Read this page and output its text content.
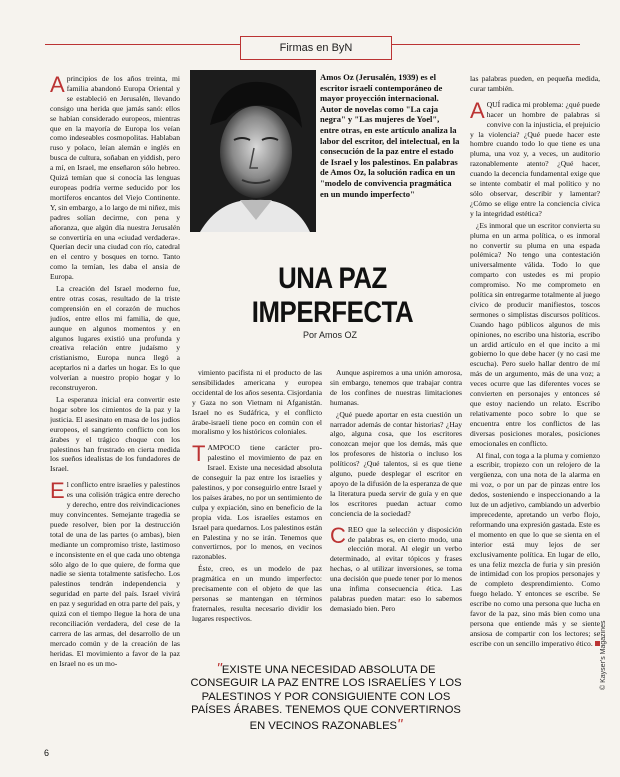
Firmas en ByN

Aprincipios de los años treinta, mi familia abandonó Europa Oriental y se estableció en Jerusalén, llevando consigo una herida que jamás sanó: ellos se habían considerado europeos, mientras que en la mayoría de Europa los veían como indeseables cosmopolitas. Hablaban ruso y polaco, leían alemán e inglés en busca de cultura, soñaban en yiddish, pero a mí, en Israel, me enseñaron sólo hebreo. Quizá temían que si conocía las lenguas europeas podría verme seducido por los mortíferos encantos del Viejo Continente. Y, sin embargo, a lo largo de mi niñez, mis padres solían decirme, con pena y añoranza, que algún día nuestra Jerusalén se convertiría en una «ciudad verdadera». Querían decir una ciudad con río, catedral en el centro y bosques en torno. Tanto como la temían, les daba el ansia de Europa.

La creación del Israel moderno fue, entre otras cosas, resultado de la triste comprensión en el corazón de muchos judíos, entre ellos mi familia, de que, aunque en algunos momentos y en algunos lugares existió una profunda y creativa relación entre judaísmo y cristianismo, Europa nunca llegó a aceptarlos ni a darles un hogar. Es lo que volverían a nuestro propio hogar y lo reconstruyeron.

La esperanza inicial era convertir este hogar sobre los cimientos de la paz y la justicia. El asesinato en masa de los judíos europeos, el sangriento conflicto con los árabes y el trágico choque con los palestinos han frustrado en cierta medida los sueños idealistas de los fundadores de Israel.

El conflicto entre israelíes y palestinos es una colisión trágica entre derecho y derecho, entre dos reivindicaciones muy convincentes. Semejante tragedia se puede resolver, bien por la destrucción total de una de las partes (o ambas), bien mediante un compromiso triste, lastimoso e inconsistente en el que cada uno obtenga sólo algo de lo que quiere, de forma que nadie se sienta totalmente satisfecho. Los palestinos tendrán independencia y seguridad en parte del país. Israel vivirá en paz y seguridad en otra parte del país, y quizá con el tiempo llegue la hora de una reconciliación verdadera, del cese de la carrera de las armas, del desarrollo de un mercado común y de la creación de las heridas. El movimiento a favor de la paz en Israel no es un mo-

Amos Oz (Jerusalén, 1939) es el escritor israelí contemporáneo de mayor proyección internacional. Autor de novelas como "La caja negra" y "Las mujeres de Yoel", entre otras, en este artículo analiza la labor del escritor, del intelectual, en la consecución de la paz entre el estado de Israel y los palestinos. En palabras de Amos Oz, la solución radica en un "modelo de convivencia pragmática en un mundo imperfecto"
UNA PAZ IMPERFECTA
Por Amos OZ

vimiento pacifista ni el producto de las sensibilidades americana y europea occidental de los años sesenta. Cisjordania y Gaza no son Vietnam ni Afganistán. Israel no es Sudáfrica, y el conflicto árabe-israelí tiene poco en común con el moralismo y los históricos coloniales.

TAMPOCO tiene carácter pro-palestino el movimiento de paz en Israel. Existe una necesidad absoluta de conseguir la paz entre los israelíes y palestinos, y por conseguirlo entre Israel y los países árabes, no por un sentimiento de culpa y expiación, sino en beneficio de la propia vida. Los israelíes estamos en Israel para quedarnos. Los palestinos están en Palestina y no se irán. Tenemos que convertirnos, por lo menos, en vecinos razonables.

Éste, creo, es un modelo de paz pragmática en un mundo imperfecto: precisamente con el objeto de que las personas se mantengan en términos fraternales, resulta necesario dividir los lugares respectivos.

Aunque aspiremos a una unión amorosa, sin embargo, tenemos que trabajar contra de los confines de nuestras limitaciones humanas.

¿Qué puede aportar en esta cuestión un narrador además de contar historias? ¿Hay algo, alguna cosa, que los escritores conozcan mejor que los demás, más que los profesores de historia o incluso los políticos? ¿Qué talentos, si es que tiene alguno, puede desplegar el escritor en apoyo de la difusión de la esperanza de que la literatura pueda servir de guía y en que los escritores puedan actuar como conciencia de la sociedad?

CREO que la selección y disposición de palabras es, en cierto modo, una elección moral. Al elegir un verbo determinado, al evitar tópicos y frases hechas, o al utilizar inversiones, se toma una decisión que puede tener por lo menos una ínfima consecuencia ética. Las palabras pueden matar: eso lo sabemos demasiado bien. Pero

"EXISTE UNA NECESIDAD ABSOLUTA DE CONSEGUIR LA PAZ ENTRE LOS ISRAELÍES Y LOS PALESTINOS Y POR CONSIGUIENTE CON LOS PAÍSES ÁRABES. TENEMOS QUE CONVERTIRNOS EN VECINOS RAZONABLES"

las palabras pueden, en pequeña medida, curar también.

AQUÍ radica mi problema: ¿qué puede hacer un hombre de palabras si convive con la injusticia, el prejuicio y la violencia? ¿Qué puede hacer este hombre cuando todo lo que tiene es una pluma, una voz y, a veces, un auditorio razonablemente atento? ¿Qué hacer, cuando la decencia fundamental exige que se intente combatir el mal político y no sólo observar, describir y lamentar? ¿Cómo se elige entre la conciencia cívica y la integridad estética?

¿Es inmoral que un escritor convierta su pluma en un arma política, o es inmoral no convertir su pluma en una espada polémica? No tengo una contestación universalmente válida. Todo lo que comparto con ustedes es mi propio compromiso. No me comprometo en política sin entregarme totalmente al juego cívico de producir manifiestos, toscos sermones o simplistas discursos políticos. Cuando hago públicos algunos de mis opiniones, no escribo una historia, escribo un ardid artículo en el que incito a mi gobierno lo que debe hacer (y no casi me escucha). Pero suelo hallar dentro de mí más de un argumento, más de una voz; a veces ocurre que las diferentes voces se convierten en personajes y entonces sé que estoy naciendo un relato. Escribo relativamente poco sobre lo que se encuentra entre los conflictos de las diversas posiciones morales, posiciones emocionales en conflicto.

Al final, con toga a la pluma y comienzo a escribir, tropiezo con un relojero de la vergüenza, con una nota de la alarma en mi voz, o por un par de pinzas entre los dedos, sosteniendo e inspeccionando a la luz de un adjetivo, cambiando un adverbio imprecedente, apretando un verbo flojo, reformando una expresión gastada. Este es el momento en que lo que se sienta en el interior está muy lejos de ser exclusivamente política. En lugar de ello, es una feliz mezcla de furia y sin presión de intimidad con los propios personajes y de completo desprendimiento. Como fuego helado. Y entonces se escribe. Se escribe no como una persona que lucha en favor de la paz, sino más bien como una persona que entiende más y se siente ansiosa de compartir con los lectores; se escribe con un sencillo imperativo ético.

6
© Kayser's Magazines
